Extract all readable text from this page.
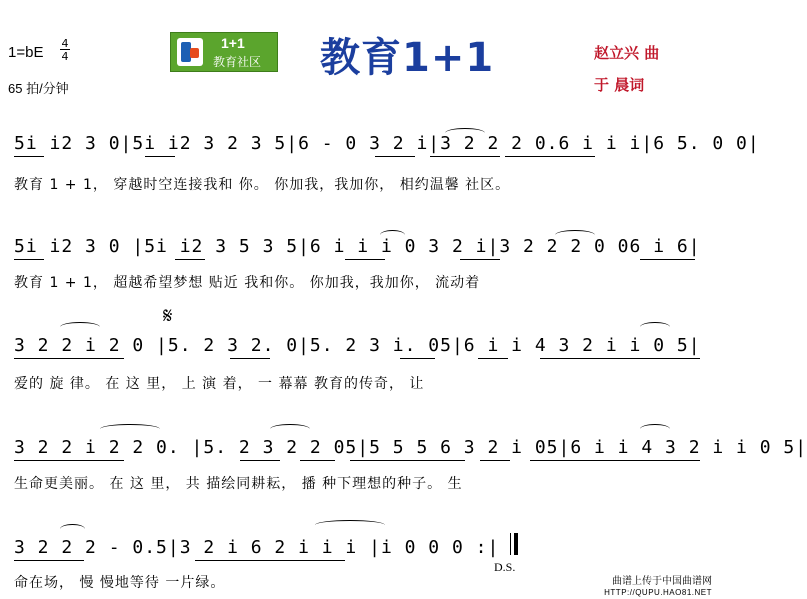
1=bE
4
4
65 拍/分钟
1+1
教育社区 教育1+1	赵立兴 曲
于 晨词
5i i2 3 0|5i i2 3 2 3 5|6 - 0 3 2 i|3 2 2 2 0.6 i i i|6 5. 0 0|
教育 1 + 1， 穿越时空连接我和 你。 你加我，我加你， 相约温馨 社区。
5i i2 3 0 |5i i2 3 5 3 5|6 i i i 0 3 2 i|3 2 2 2 0 06 i 6|
教育 1 + 1， 超越希望梦想 贴近 我和你。 你加我，我加你， 流动着
𝄋
3 2 2 i 2 0 |5. 2 3 2. 0|5. 2 3 i. 05|6 i i 4 3 2 i i 0 5|
爱的 旋 律。 在 这 里， 上 演 着， 一 幕幕 教育的传奇， 让
3 2 2 i 2 2 0. |5. 2 3 2 2 05|5 5 5 6 3 2 i 05|6 i i 4 3 2 i i 0 5|
生命更美丽。 在 这 里， 共 描绘同耕耘， 播 种下理想的种子。 生
3 2 2 2 - 0.5|3 2 i 6 2 i i i |i 0 0 0 :|
命在场， 慢 慢地等待 一片绿。
D.S.
曲谱上传于中国曲谱网
HTTP://QUPU.HAO81.NET
